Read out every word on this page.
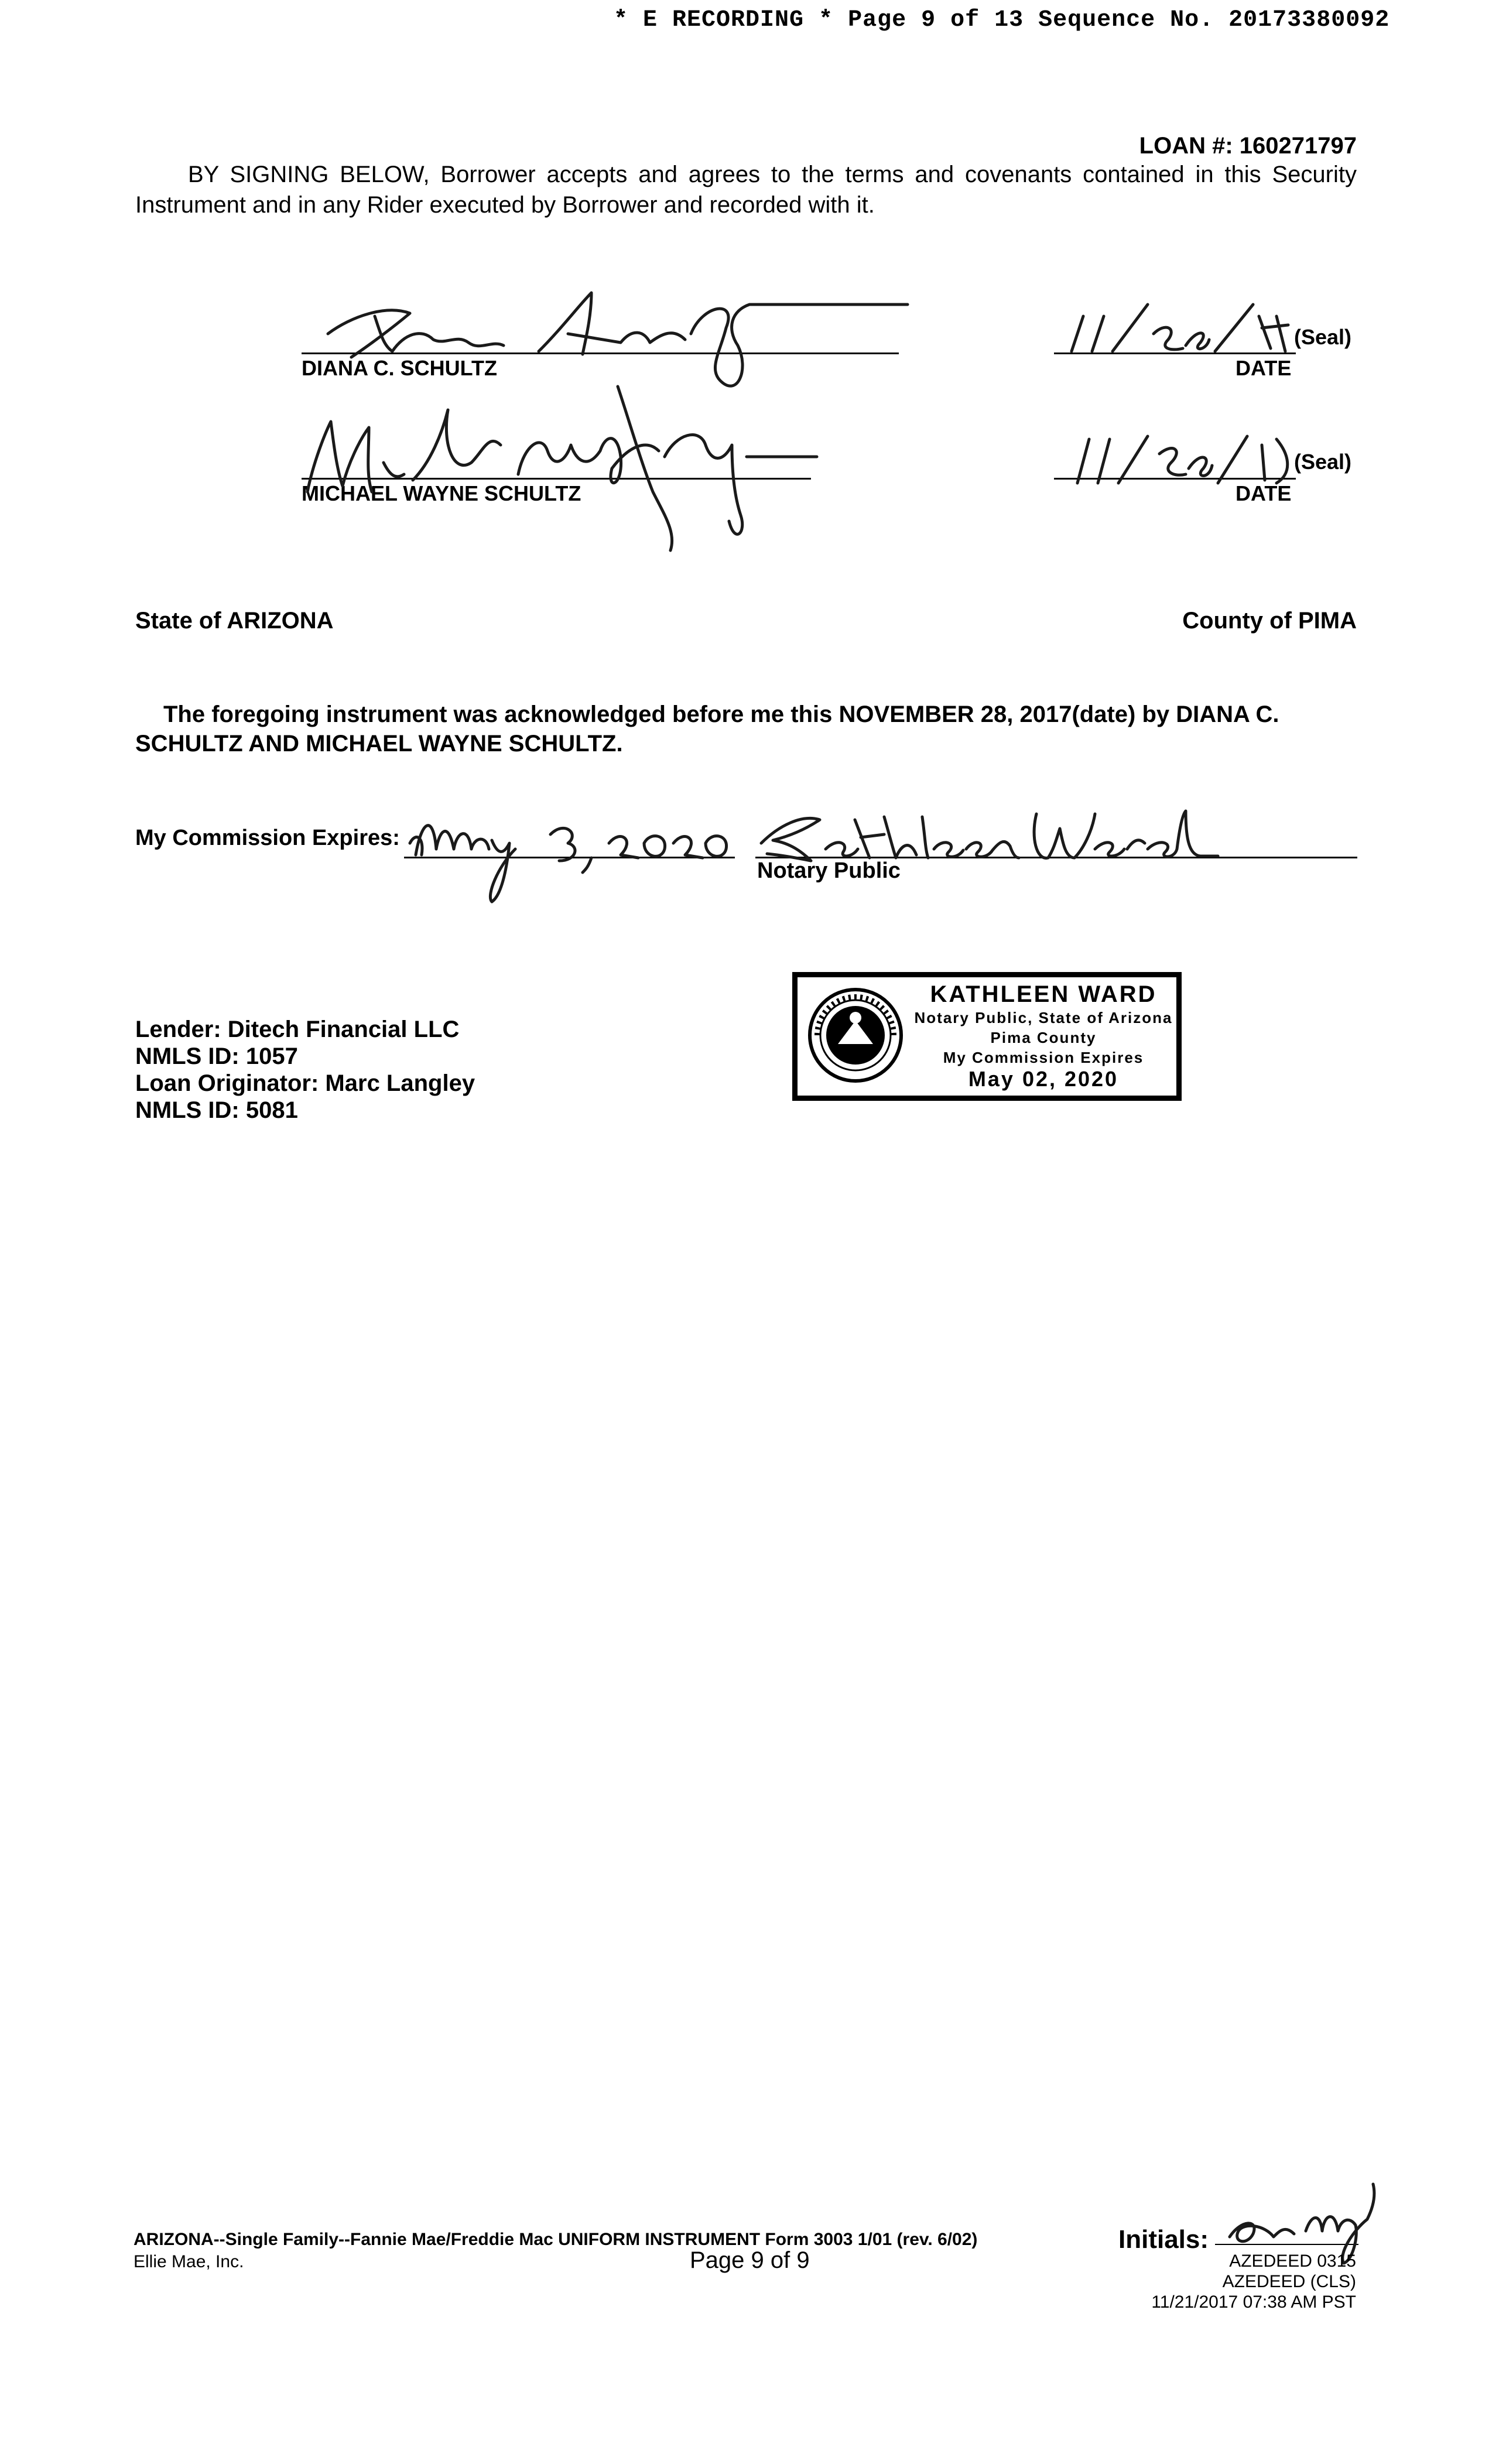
* E RECORDING * Page 9 of 13 Sequence No. 20173380092
LOAN #: 160271797
BY SIGNING BELOW, Borrower accepts and agrees to the terms and covenants contained in this Security Instrument and in any Rider executed by Borrower and recorded with it.
DIANA C. SCHULTZ	DATE
(Seal)
MICHAEL WAYNE SCHULTZ	DATE
(Seal)
State of ARIZONA	County of PIMA
The foregoing instrument was acknowledged before me this NOVEMBER 28, 2017(date) by DIANA C. SCHULTZ AND MICHAEL WAYNE SCHULTZ.
My Commission Expires:
Notary Public
Lender: Ditech Financial LLC
NMLS ID: 1057
Loan Originator: Marc Langley
NMLS ID: 5081
KATHLEEN WARD
Notary Public, State of Arizona
Pima County
My Commission Expires
May 02, 2020
ARIZONA--Single Family--Fannie Mae/Freddie Mac UNIFORM INSTRUMENT Form 3003 1/01 (rev. 6/02)
Ellie Mae, Inc.	Page 9 of 9
Initials:
AZEDEED 0315
AZEDEED (CLS)
11/21/2017 07:38 AM PST
